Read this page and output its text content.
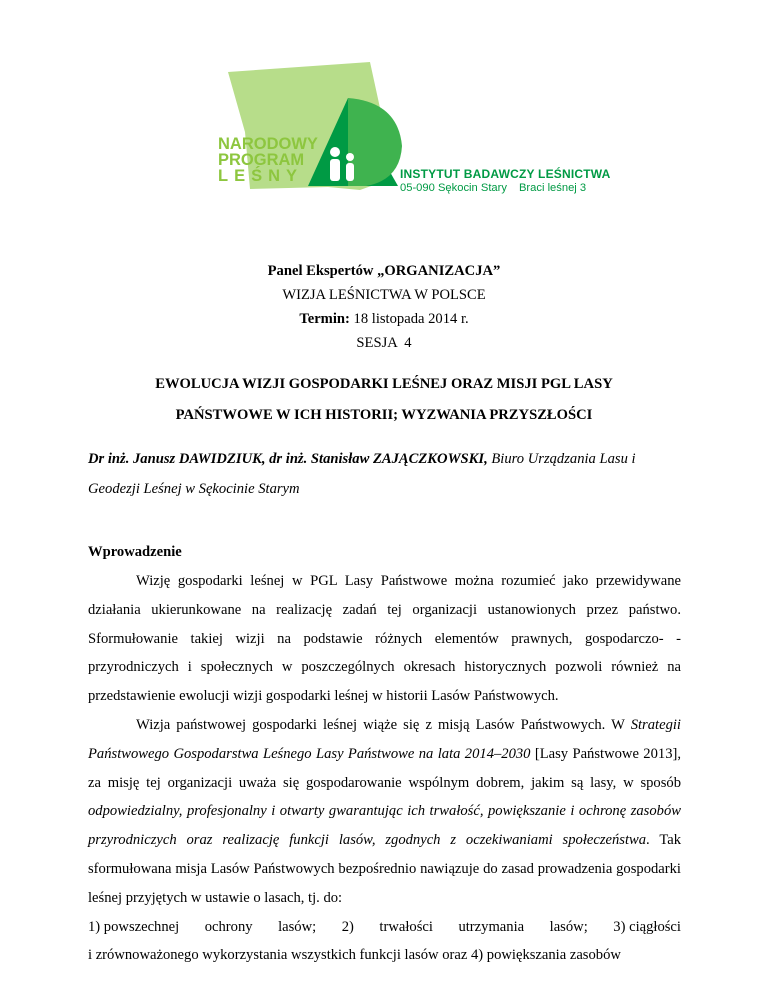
NARODOWY
PROGRAM
LEŚNY	INSTYTUT BADAWCZY LEŚNICTWA
05-090 Sękocin Stary Braci leśnej 3

Panel Ekspertów „ORGANIZACJA”
WIZJA LEŚNICTWA W POLSCE
Termin: 18 listopada 2014 r.
SESJA  4
EWOLUCJA WIZJI GOSPODARKI LEŚNEJ ORAZ MISJI PGL LASY
PAŃSTWOWE W ICH HISTORII; WYZWANIA PRZYSZŁOŚCI
Dr inż. Janusz DAWIDZIUK, dr inż. Stanisław ZAJĄCZKOWSKI, Biuro Urządzania Lasu i Geodezji Leśnej w Sękocinie Starym
Wprowadzenie

Wizję gospodarki leśnej w PGL Lasy Państwowe można rozumieć jako przewidywane działania ukierunkowane na realizację zadań tej organizacji ustanowionych przez państwo. Sformułowanie takiej wizji na podstawie różnych elementów prawnych, gospodarczo- -przyrodniczych i społecznych w poszczególnych okresach historycznych pozwoli również na przedstawienie ewolucji wizji gospodarki leśnej w historii Lasów Państwowych.

Wizja państwowej gospodarki leśnej wiąże się z misją Lasów Państwowych. W Strategii Państwowego Gospodarstwa Leśnego Lasy Państwowe na lata 2014–2030 [Lasy Państwowe 2013], za misję tej organizacji uważa się gospodarowanie wspólnym dobrem, jakim są lasy, w sposób odpowiedzialny, profesjonalny i otwarty gwarantując ich trwałość, powiększanie i ochronę zasobów przyrodniczych oraz realizację funkcji lasów, zgodnych z oczekiwaniami społeczeństwa. Tak sformułowana misja Lasów Państwowych bezpośrednio nawiązuje do zasad prowadzenia gospodarki leśnej przyjętych w ustawie o lasach, tj. do:

1) powszechnej ochrony lasów; 2) trwałości utrzymania lasów; 3) ciągłości

i zrównoważonego wykorzystania wszystkich funkcji lasów oraz 4) powiększania zasobów
